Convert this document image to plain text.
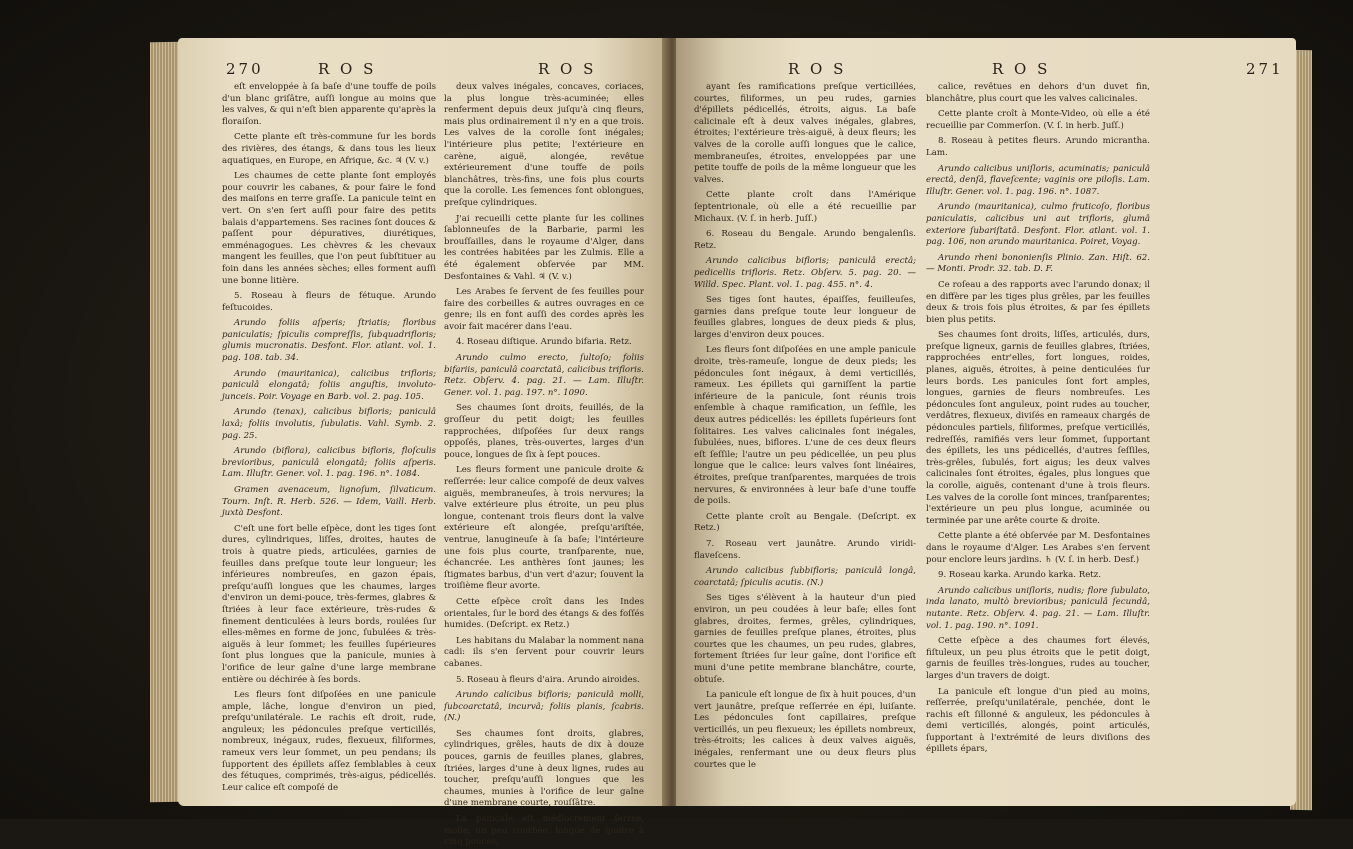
270	R O S	R O S

eſt enveloppée à ſa baſe d'une touffe de poils d'un blanc griſâtre, auſſi longue au moins que les valves, & qui n'eſt bien apparente qu'après la floraiſon.

Cette plante eſt très-commune ſur les bords des rivières, des étangs, & dans tous les lieux aquatiques, en Europe, en Afrique, &c. ♃ (V. v.)

Les chaumes de cette plante ſont employés pour couvrir les cabanes, & pour faire le fond des maiſons en terre graſſe. La panicule teint en vert. On s'en ſert auſſi pour faire des petits balais d'appartemens. Ses racines ſont douces & paſſent pour dépuratives, diurétiques, emménagogues. Les chèvres & les chevaux mangent les feuilles, que l'on peut ſubſtituer au foin dans les années sèches; elles forment auſſi une bonne litière.

5. Roseau à fleurs de fétuque. Arundo feſtucoides.

Arundo foliis aſperis; ſtriatis; floribus paniculatis; ſpiculis compreſſis, ſubquadrifloris; glumis mucronatis. Desfont. Flor. atlant. vol. 1. pag. 108. tab. 34.

Arundo (mauritanica), calicibus trifloris; paniculâ elongatâ; foliis anguſtis, involuto-junceis. Poir. Voyage en Barb. vol. 2. pag. 105.

Arundo (tenax), calicibus bifloris; paniculâ laxâ; foliis involutis, ſubulatis. Vahl. Symb. 2. pag. 25.

Arundo (biflora), calicibus bifloris, floſculis brevioribus, paniculâ elongatâ; foliis aſperis. Lam. Illuſtr. Gener. vol. 1. pag. 196. n°. 1084.

Gramen avenaceum, lignoſum, ſilvaticum. Tourn. Inſt. R. Herb. 526. — Idem, Vaill. Herb. juxtà Desfont.

C'eſt une fort belle eſpèce, dont les tiges ſont dures, cylindriques, liſſes, droites, hautes de trois à quatre pieds, articulées, garnies de feuilles dans preſque toute leur longueur; les inférieures nombreuſes, en gazon épais, preſqu'auſſi longues que les chaumes, larges d'environ un demi-pouce, très-fermes, glabres & ſtriées à leur face extérieure, très-rudes & finement denticulées à leurs bords, roulées ſur elles-mêmes en forme de jonc, ſubulées & très-aiguës à leur ſommet; les feuilles ſupérieures ſont plus longues que la panicule, munies à l'orifice de leur gaîne d'une large membrane entière ou déchirée à ſes bords.

Les fleurs ſont diſpoſées en une panicule ample, lâche, longue d'environ un pied, preſqu'unilatérale. Le rachis eſt droit, rude, anguleux; les pédoncules preſque verticillés, nombreux, inégaux, rudes, flexueux, filiformes, rameux vers leur ſommet, un peu pendans; ils ſupportent des épillets aſſez ſemblables à ceux des fétuques, comprimés, très-aigus, pédicellés. Leur calice eſt compoſé de

deux valves inégales, concaves, coriaces, la plus longue très-acuminée; elles renferment depuis deux juſqu'à cinq fleurs, mais plus ordinairement il n'y en a que trois. Les valves de la corolle ſont inégales; l'intérieure plus petite; l'extérieure en carène, aiguë, alongée, revêtue extérieurement d'une touffe de poils blanchâtres, très-fins, une fois plus courts que la corolle. Les ſemences ſont oblongues, preſque cylindriques.

J'ai recueilli cette plante ſur les collines ſablonneuſes de la Barbarie, parmi les brouſſailles, dans le royaume d'Alger, dans les contrées habitées par les Zulmis. Elle a été également obſervée par MM. Desfontaines & Vahl. ♃ (V. v.)

Les Arabes ſe ſervent de ſes feuilles pour faire des corbeilles & autres ouvrages en ce genre; ils en font auſſi des cordes après les avoir fait macérer dans l'eau.

4. Roseau diſtique. Arundo bifaria. Retz.

Arundo culmo erecto, ſultoſo; foliis bifariis, paniculâ coarctatâ, calicibus trifloris. Retz. Obſerv. 4. pag. 21. — Lam. Illuſtr. Gener. vol. 1. pag. 197. n°. 1090.

Ses chaumes ſont droits, feuillés, de la groſſeur du petit doigt; les feuilles rapprochées, diſpoſées ſur deux rangs oppoſés, planes, très-ouvertes, larges d'un pouce, longues de ſix à ſept pouces.

Les fleurs forment une panicule droite & reſſerrée: leur calice compoſé de deux valves aiguës, membraneuſes, à trois nervures; la valve extérieure plus étroite, un peu plus longue, contenant trois fleurs dont la valve extérieure eſt alongée, preſqu'ariſtée, ventrue, lanugineuſe à ſa baſe; l'intérieure une fois plus courte, tranſparente, nue, échancrée. Les anthères ſont jaunes; les ſtigmates barbus, d'un vert d'azur; ſouvent la troiſième fleur avorte.

Cette eſpèce croît dans les Indes orientales, ſur le bord des étangs & des foſſés humides. (Deſcript. ex Retz.)

Les habitans du Malabar la nomment nana cadi: ils s'en ſervent pour couvrir leurs cabanes.

5. Roseau à fleurs d'aira. Arundo airoides.

Arundo calicibus bifloris; paniculâ molli, ſubcoarctatâ, incurvâ; foliis planis, ſcabris. (N.)

Ses chaumes ſont droits, glabres, cylindriques, grêles, hauts de dix à douze pouces, garnis de feuilles planes, glabres, ſtriées, larges d'une à deux lignes, rudes au toucher, preſqu'auſſi longues que les chaumes, munies à l'orifice de leur gaîne d'une membrane courte, rouſſâtre.

La panicule eſt médiocrement ſerrée, molle, un peu courbée, longue de quatre à cinq pouces,

R O S	R O S	271

ayant ſes ramifications preſque verticillées, courtes, filiformes, un peu rudes, garnies d'épillets pédicellés, étroits, aigus. La baſe calicinale eſt à deux valves inégales, glabres, étroites; l'extérieure très-aiguë, à deux fleurs; les valves de la corolle auſſi longues que le calice, membraneuſes, étroites, enveloppées par une petite touffe de poils de la même longueur que les valves.

Cette plante croît dans l'Amérique ſeptentrionale, où elle a été recueillie par Michaux. (V. ſ. in herb. Juſſ.)

6. Roseau du Bengale. Arundo bengalenſis. Retz.

Arundo calicibus bifloris; paniculâ erectâ; pedicellis trifloris. Retz. Obſerv. 5. pag. 20. — Willd. Spec. Plant. vol. 1. pag. 455. n°. 4.

Ses tiges ſont hautes, épaiſſes, feuilleuſes, garnies dans preſque toute leur longueur de feuilles glabres, longues de deux pieds & plus, larges d'environ deux pouces.

Les fleurs ſont diſpoſées en une ample panicule droite, très-rameuſe, longue de deux pieds; les pédoncules ſont inégaux, à demi verticillés, rameux. Les épillets qui garniſſent la partie inférieure de la panicule, ſont réunis trois enſemble à chaque ramification, un ſeſſile, les deux autres pédicellés: les épillets ſupérieurs ſont ſolitaires. Les valves calicinales ſont inégales, ſubulées, nues, biflores. L'une de ces deux fleurs eſt ſeſſile; l'autre un peu pédicellée, un peu plus longue que le calice: leurs valves ſont linéaires, étroites, preſque tranſparentes, marquées de trois nervures, & environnées à leur baſe d'une touffe de poils.

Cette plante croît au Bengale. (Deſcript. ex Retz.)

7. Roseau vert jaunâtre. Arundo viridi-flaveſcens.

Arundo calicibus ſubbifloris; paniculâ longâ, coarctatâ; ſpiculis acutis. (N.)

Ses tiges s'élèvent à la hauteur d'un pied environ, un peu coudées à leur baſe; elles ſont glabres, droites, fermes, grêles, cylindriques, garnies de feuilles preſque planes, étroites, plus courtes que les chaumes, un peu rudes, glabres, fortement ſtriées ſur leur gaîne, dont l'orifice eſt muni d'une petite membrane blanchâtre, courte, obtuſe.

La panicule eſt longue de ſix à huit pouces, d'un vert jaunâtre, preſque reſſerrée en épi, luiſante. Les pédoncules ſont capillaires, preſque verticillés, un peu flexueux; les épillets nombreux, très-étroits; les calices à deux valves aiguës, inégales, renfermant une ou deux fleurs plus courtes que le

calice, revêtues en dehors d'un duvet fin, blanchâtre, plus court que les valves calicinales.

Cette plante croît à Monte-Video, où elle a été recueillie par Commerſon. (V. ſ. in herb. Juſſ.)

8. Roseau à petites fleurs. Arundo micrantha. Lam.

Arundo calicibus uniſloris, acuminatis; paniculâ erectâ, denſâ, flaveſcente; vaginis ore piloſis. Lam. Illuſtr. Gener. vol. 1. pag. 196. n°. 1087.

Arundo (mauritanica), culmo fruticoſo, floribus paniculatis, calicibus uni aut trifloris, glumâ exteriore ſubariſtatâ. Desfont. Flor. atlant. vol. 1. pag. 106, non arundo mauritanica. Poiret, Voyag.

Arundo rheni bononienſis Plinio. Zan. Hiſt. 62. — Monti. Prodr. 32. tab. D. F.

Ce roſeau a des rapports avec l'arundo donax; il en diffère par les tiges plus grêles, par les feuilles deux & trois fois plus étroites, & par ſes épillets bien plus petits.

Ses chaumes ſont droits, liſſes, articulés, durs, preſque ligneux, garnis de feuilles glabres, ſtriées, rapprochées entr'elles, fort longues, roides, planes, aiguës, étroites, à peine denticulées ſur leurs bords. Les panicules ſont fort amples, longues, garnies de fleurs nombreuſes. Les pédoncules ſont anguleux, point rudes au toucher, verdâtres, flexueux, diviſés en rameaux chargés de pédoncules partiels, filiformes, preſque verticillés, redreſſés, ramifiés vers leur ſommet, ſupportant des épillets, les uns pédicellés, d'autres ſeſſiles, très-grêles, ſubulés, fort aigus; les deux valves calicinales ſont étroites, égales, plus longues que la corolle, aiguës, contenant d'une à trois fleurs. Les valves de la corolle ſont minces, tranſparentes; l'extérieure un peu plus longue, acuminée ou terminée par une arête courte & droite.

Cette plante a été obſervée par M. Desfontaines dans le royaume d'Alger. Les Arabes s'en ſervent pour enclore leurs jardins. ♄ (V. ſ. in herb. Desf.)

9. Roseau karka. Arundo karka. Retz.

Arundo calicibus uniſloris, nudis; flore ſubulato, inda lanato, multò brevioribus; paniculâ ſecundâ, nutante. Retz. Obſerv. 4. pag. 21. — Lam. Illuſtr. vol. 1. pag. 190. n°. 1091.

Cette eſpèce a des chaumes fort élevés, fiſtuleux, un peu plus étroits que le petit doigt, garnis de feuilles très-longues, rudes au toucher, larges d'un travers de doigt.

La panicule eſt longue d'un pied au moins, reſſerrée, preſqu'unilatérale, penchée, dont le rachis eſt ſillonné & anguleux, les pédoncules à demi verticillés, alongés, point articulés, ſupportant à l'extrémité de leurs diviſions des épillets épars,
